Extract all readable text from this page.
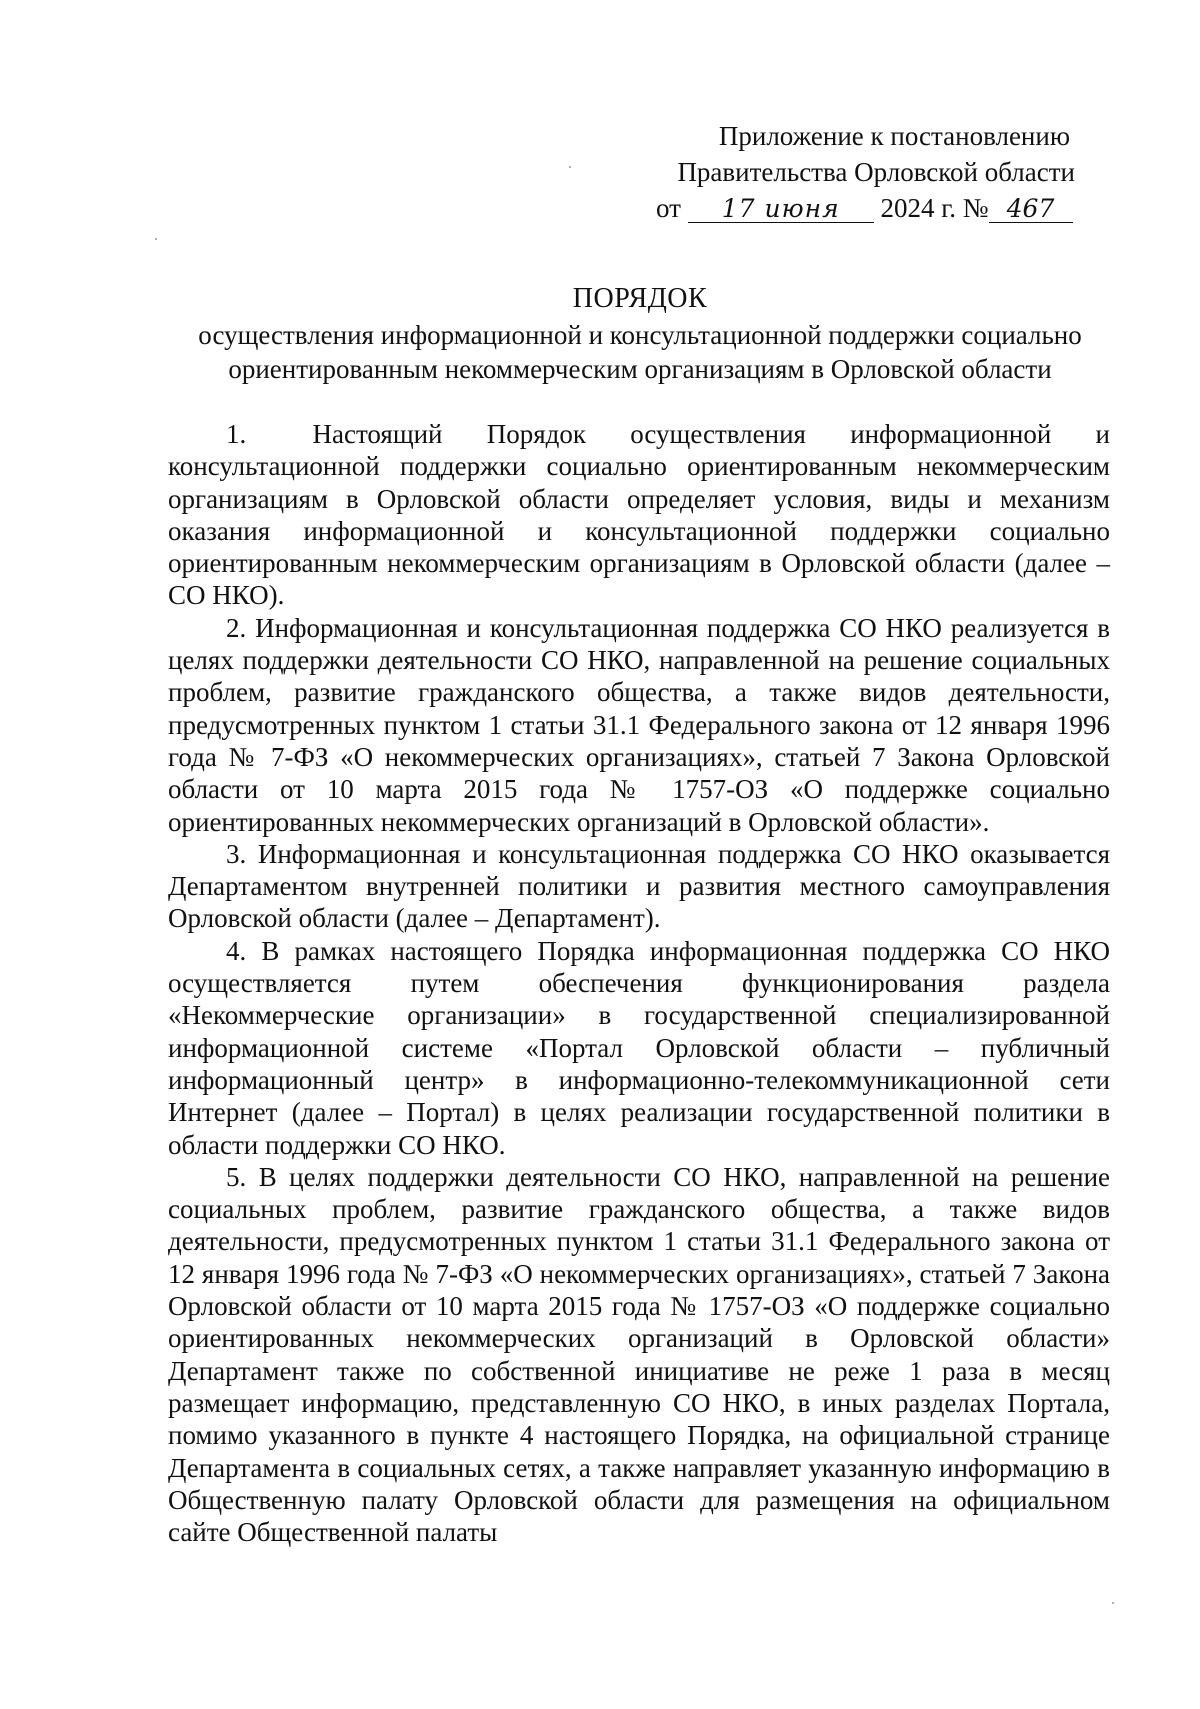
Приложение к постановлению
Правительства Орловской области
от 17 июня 2024 г. № 467
ПОРЯДОК
осуществления информационной и консультационной поддержки социально
ориентированным некоммерческим организациям в Орловской области

1. Настоящий Порядок осуществления информационной и консультационной поддержки социально ориентированным некоммерческим организациям в Орловской области определяет условия, виды и механизм оказания информационной и консультационной поддержки социально ориентированным некоммерческим организациям в Орловской области (далее – СО НКО).

2. Информационная и консультационная поддержка СО НКО реализуется в целях поддержки деятельности СО НКО, направленной на решение социальных проблем, развитие гражданского общества, а также видов деятельности, предусмотренных пунктом 1 статьи 31.1 Федерального закона от 12 января 1996 года № 7-ФЗ «О некоммерческих организациях», статьей 7 Закона Орловской области от 10 марта 2015 года № 1757-ОЗ «О поддержке социально ориентированных некоммерческих организаций в Орловской области».

3. Информационная и консультационная поддержка СО НКО оказывается Департаментом внутренней политики и развития местного самоуправления Орловской области (далее – Департамент).

4. В рамках настоящего Порядка информационная поддержка СО НКО осуществляется путем обеспечения функционирования раздела «Некоммерческие организации» в государственной специализированной информационной системе «Портал Орловской области – публичный информационный центр» в информационно-телекоммуникационной сети Интернет (далее – Портал) в целях реализации государственной политики в области поддержки СО НКО.

5. В целях поддержки деятельности СО НКО, направленной на решение социальных проблем, развитие гражданского общества, а также видов деятельности, предусмотренных пунктом 1 статьи 31.1 Федерального закона от 12 января 1996 года № 7-ФЗ «О некоммерческих организациях», статьей 7 Закона Орловской области от 10 марта 2015 года № 1757-ОЗ «О поддержке социально ориентированных некоммерческих организаций в Орловской области» Департамент также по собственной инициативе не реже 1 раза в месяц размещает информацию, представленную СО НКО, в иных разделах Портала, помимо указанного в пункте 4 настоящего Порядка, на официальной странице Департамента в социальных сетях, а также направляет указанную информацию в Общественную палату Орловской области для размещения на официальном сайте Общественной палаты
